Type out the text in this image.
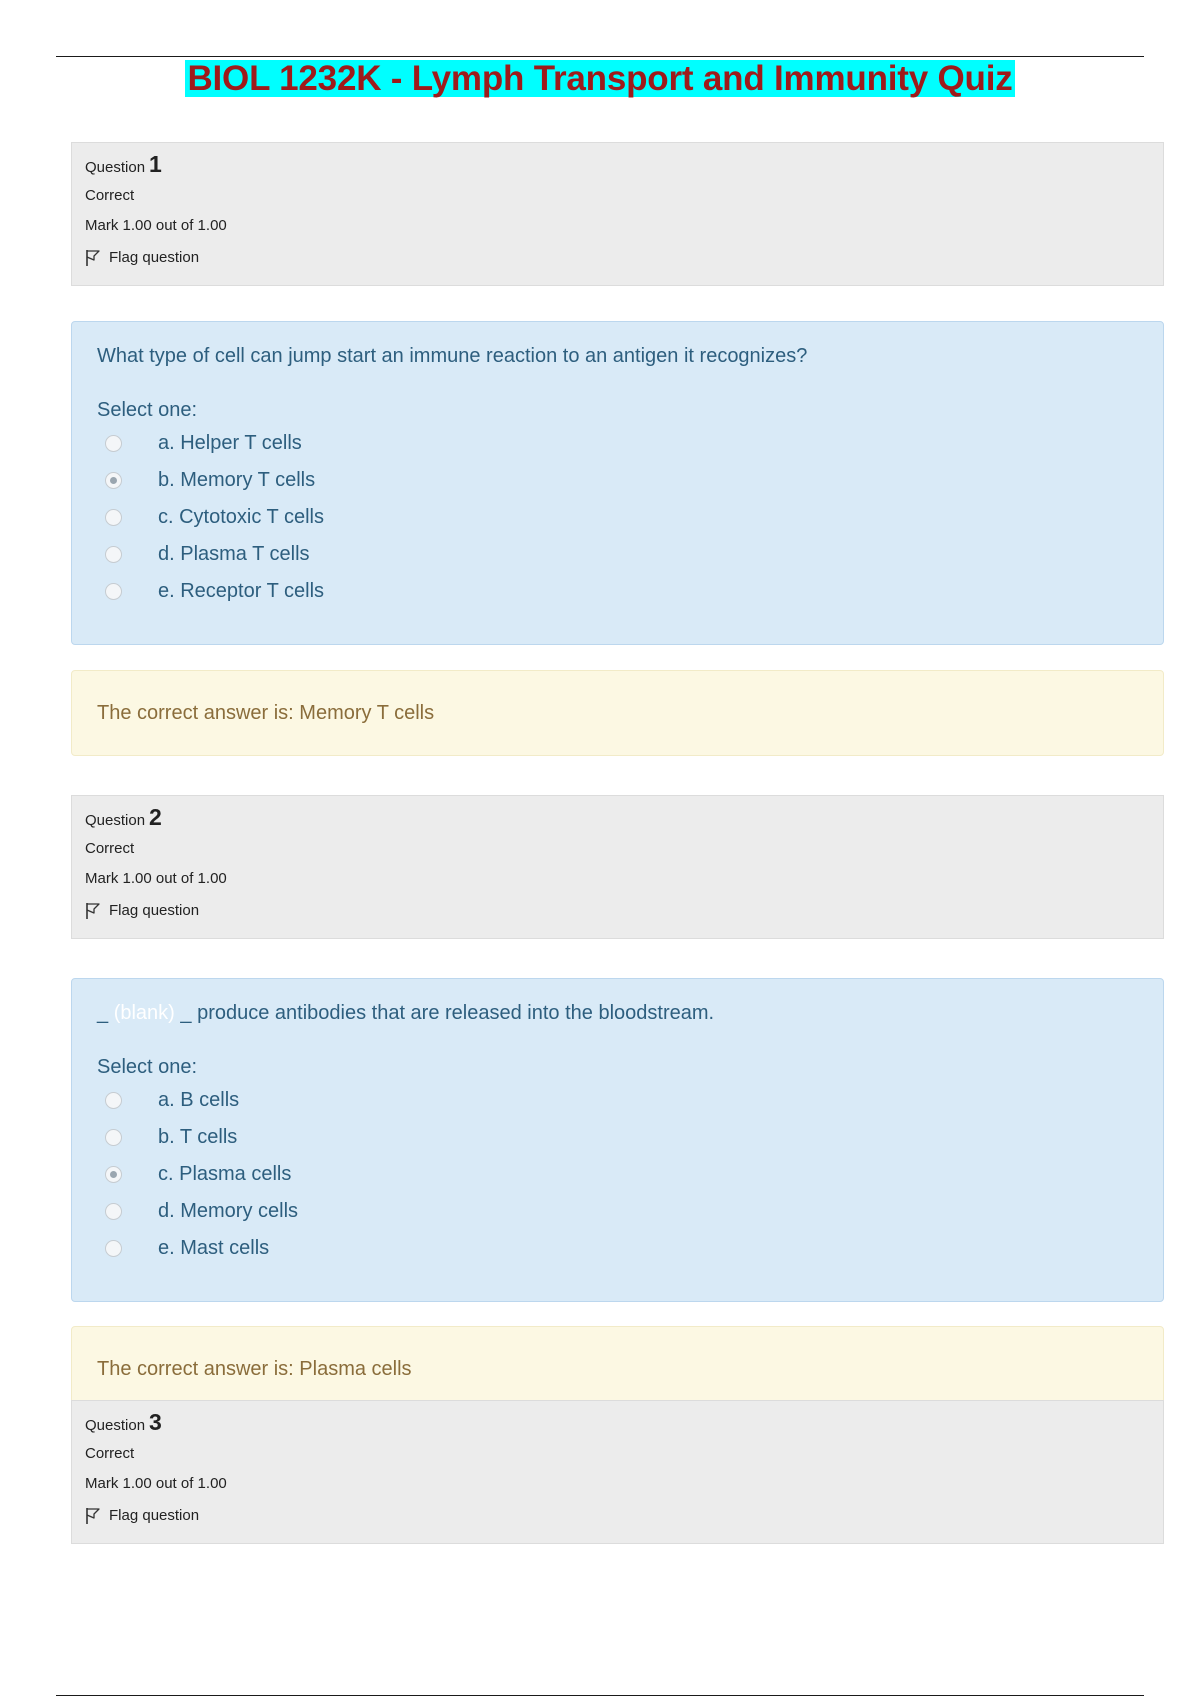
BIOL 1232K - Lymph Transport and Immunity Quiz
Question 1
Correct
Mark 1.00 out of 1.00
Flag question
What type of cell can jump start an immune reaction to an antigen it recognizes?
Select one:
a. Helper T cells
b. Memory T cells
c. Cytotoxic T cells
d. Plasma T cells
e. Receptor T cells
The correct answer is: Memory T cells
Question 2
Correct
Mark 1.00 out of 1.00
Flag question
_ (blank) _ produce antibodies that are released into the bloodstream.
Select one:
a. B cells
b. T cells
c. Plasma cells
d. Memory cells
e. Mast cells
The correct answer is: Plasma cells
Question 3
Correct
Mark 1.00 out of 1.00
Flag question
